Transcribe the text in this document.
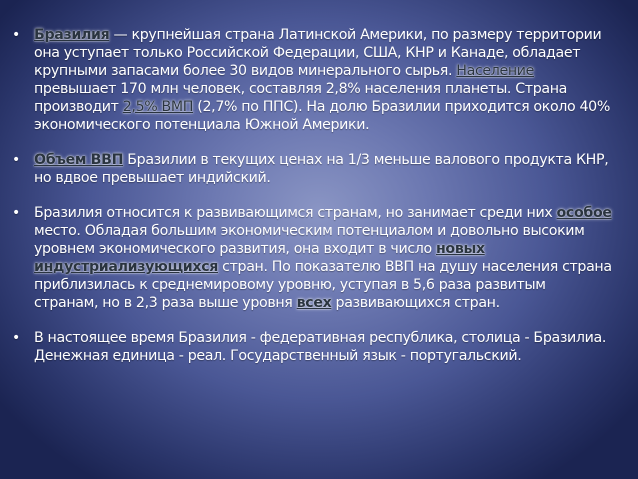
• Бразилия — крупнейшая страна Латинской Америки, по размеру территории она уступает только Российской Федерации, США, КНР и Канаде, обладает крупными запасами более 30 видов минерального сырья. Население превышает 170 млн человек, составляя 2,8% населения планеты. Страна производит 2,5% ВМП (2,7% по ППС). На долю Бразилии приходится около 40% экономического потенциала Южной Америки.
• Объем ВВП Бразилии в текущих ценах на 1/3 меньше валового продукта КНР, но вдвое превышает индийский.
• Бразилия относится к развивающимся странам, но занимает среди них особое место. Обладая большим экономическим потенциалом и довольно высоким уровнем экономического развития, она входит в число новых индустриализующихся стран. По показателю ВВП на душу населения страна приблизилась к среднемировому уровню, уступая в 5,6 раза развитым странам, но в 2,3 раза выше уровня всех развивающихся стран.
• В настоящее время Бразилия - федеративная республика, столица - Бразилиа. Денежная единица - реал. Государственный язык - португальский.
